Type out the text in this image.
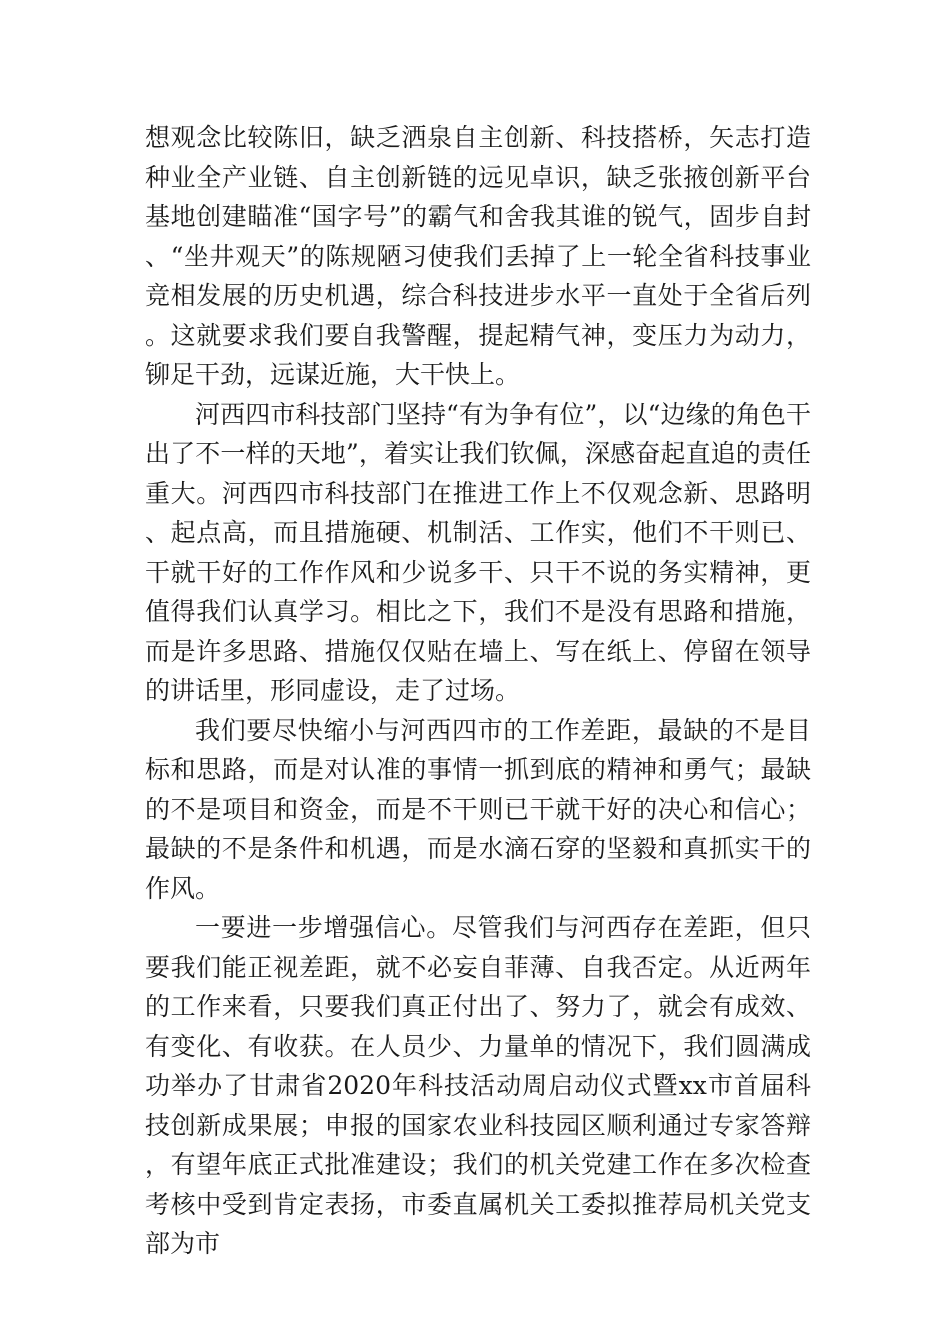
想观念比较陈旧，缺乏洒泉自主创新、科技搭桥，矢志打造种业全产业链、自主创新链的远见卓识，缺乏张掖创新平台基地创建瞄准“国字号”的霸气和舍我其谁的锐气，固步自封、“坐井观天”的陈规陋习使我们丢掉了上一轮全省科技事业竞相发展的历史机遇，综合科技进步水平一直处于全省后列。这就要求我们要自我警醒，提起精气神，变压力为动力，铆足干劲，远谋近施，大干快上。

河西四市科技部门坚持“有为争有位”，以“边缘的角色干出了不一样的天地”，着实让我们钦佩，深感奋起直追的责任重大。河西四市科技部门在推进工作上不仅观念新、思路明、起点高，而且措施硬、机制活、工作实，他们不干则已、干就干好的工作作风和少说多干、只干不说的务实精神，更值得我们认真学习。相比之下，我们不是没有思路和措施，而是许多思路、措施仅仅贴在墙上、写在纸上、停留在领导的讲话里，形同虚设，走了过场。

我们要尽快缩小与河西四市的工作差距，最缺的不是目标和思路，而是对认准的事情一抓到底的精神和勇气；最缺的不是项目和资金，而是不干则已干就干好的决心和信心；最缺的不是条件和机遇，而是水滴石穿的坚毅和真抓实干的作风。

一要进一步增强信心。尽管我们与河西存在差距，但只要我们能正视差距，就不必妄自菲薄、自我否定。从近两年的工作来看，只要我们真正付出了、努力了，就会有成效、有变化、有收获。在人员少、力量单的情况下，我们圆满成功举办了甘肃省2020年科技活动周启动仪式暨xx市首届科技创新成果展；申报的国家农业科技园区顺利通过专家答辩，有望年底正式批准建设；我们的机关党建工作在多次检查考核中受到肯定表扬，市委直属机关工委拟推荐局机关党支部为市
